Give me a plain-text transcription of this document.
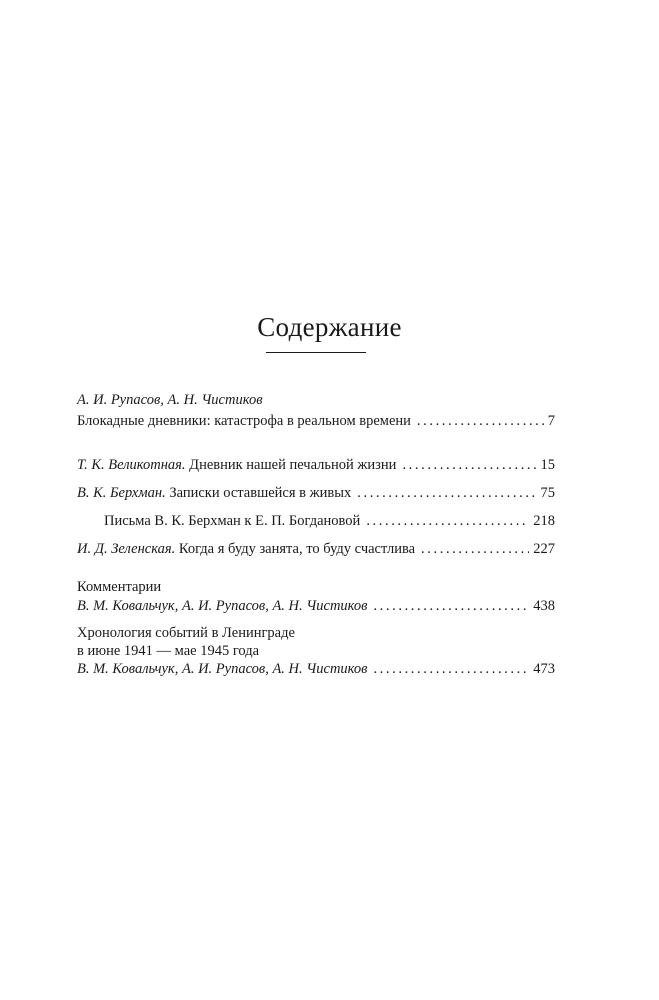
Содержание
А. И. Рупасов, А. Н. Чистиков
Блокадные дневники: катастрофа в реальном времени .....	7
Т. К. Великотная. Дневник нашей печальной жизни .....	15
В. К. Берхман. Записки оставшейся в живых .....	75
Письма В. К. Берхман к Е. П. Богдановой .....	218
И. Д. Зеленская. Когда я буду занята, то буду счастлива .....	227
Комментарии
В. М. Ковальчук, А. И. Рупасов, А. Н. Чистиков .....	438
Хронология событий в Ленинграде
в июне 1941 — мае 1945 года
В. М. Ковальчук, А. И. Рупасов, А. Н. Чистиков .....	473
